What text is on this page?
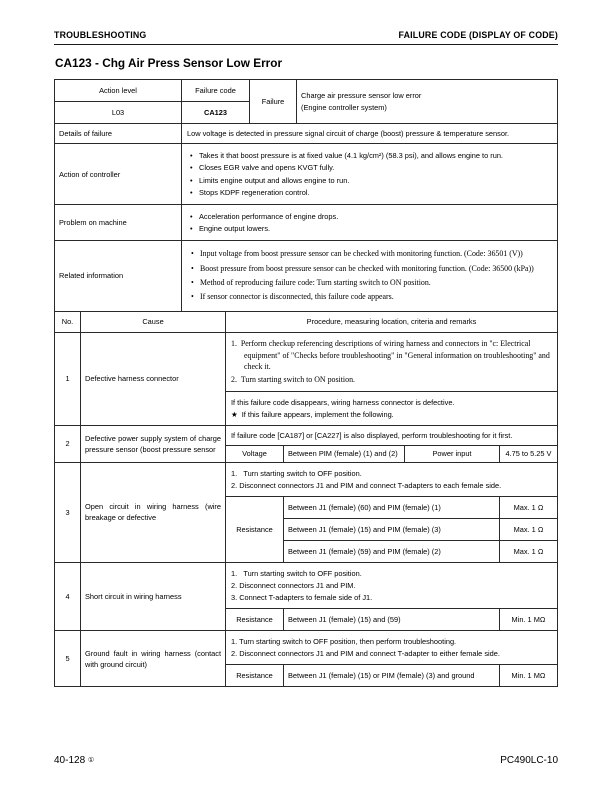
TROUBLESHOOTING	FAILURE CODE (DISPLAY OF CODE)
CA123 - Chg Air Press Sensor Low Error
Action level	Failure code	Failure	Charge air pressure sensor low error
(Engine controller system)

L03	CA123		
Details of failure	Low voltage is detected in pressure signal circuit of charge (boost) pressure & temperature sensor.		
Action of controller	• Takes it that boost pressure is at fixed value (4.1 kg/cm²) (58.3 psi), and allows engine to run.
• Closes EGR valve and opens KVGT fully.
• Limits engine output and allows engine to run.
• Stops KDPF regeneration control.

Problem on machine	• Acceleration performance of engine drops.
• Engine output lowers.

Related information	• Input voltage from boost pressure sensor can be checked with monitoring function. (Code: 36501 (V))
• Boost pressure from boost pressure sensor can be checked with monitoring function. (Code: 36500 (kPa))
• Method of reproducing failure code: Turn starting switch to ON position.
• If sensor connector is disconnected, this failure code appears.
No.	Cause	Procedure, measuring location, criteria and remarks			
1	Defective harness connector	1.  Perform checkup referencing descriptions of wiring harness and connectors in "c: Electrical equipment" of "Checks before troubleshooting" in "General information on troubleshooting" and check it.
2.  Turn starting switch to ON position.			

		If this failure code disappears, wiring harness connector is defective.
★  If this failure appears, implement the following.			

2	Defective power supply system of charge pressure sensor (boost pressure sensor	If failure code [CA187] or [CA227] is also displayed, perform troubleshooting for it first.			
		Voltage	Between PIM (female) (1) and (2)	Power input	4.75 to 5.25 V
3	Open circuit in wiring harness (wire breakage or defective	1.   Turn starting switch to OFF position.
2. Disconnect connectors J1 and PIM and connect T-adapters to each female side.			

		Resistance	Between J1 (female) (60) and PIM (female) (1)		Max. 1 Ω
			Between J1 (female) (15) and PIM (female) (3)		Max. 1 Ω
			Between J1 (female) (59) and PIM (female) (2)		Max. 1 Ω
4	Short circuit in wiring harness	1.   Turn starting switch to OFF position.
2. Disconnect connectors J1 and PIM.
3. Connect T-adapters to female side of J1.			

		Resistance	Between J1 (female) (15) and (59)		Min. 1 MΩ
5	Ground fault in wiring harness (contact with ground circuit)	1. Turn starting switch to OFF position, then perform troubleshooting.
2. Disconnect connectors J1 and PIM and connect T-adapter to either female side.			

		Resistance	Between J1 (female) (15) or PIM (female) (3) and ground		Min. 1 MΩ
40-128 ①	PC490LC-10
